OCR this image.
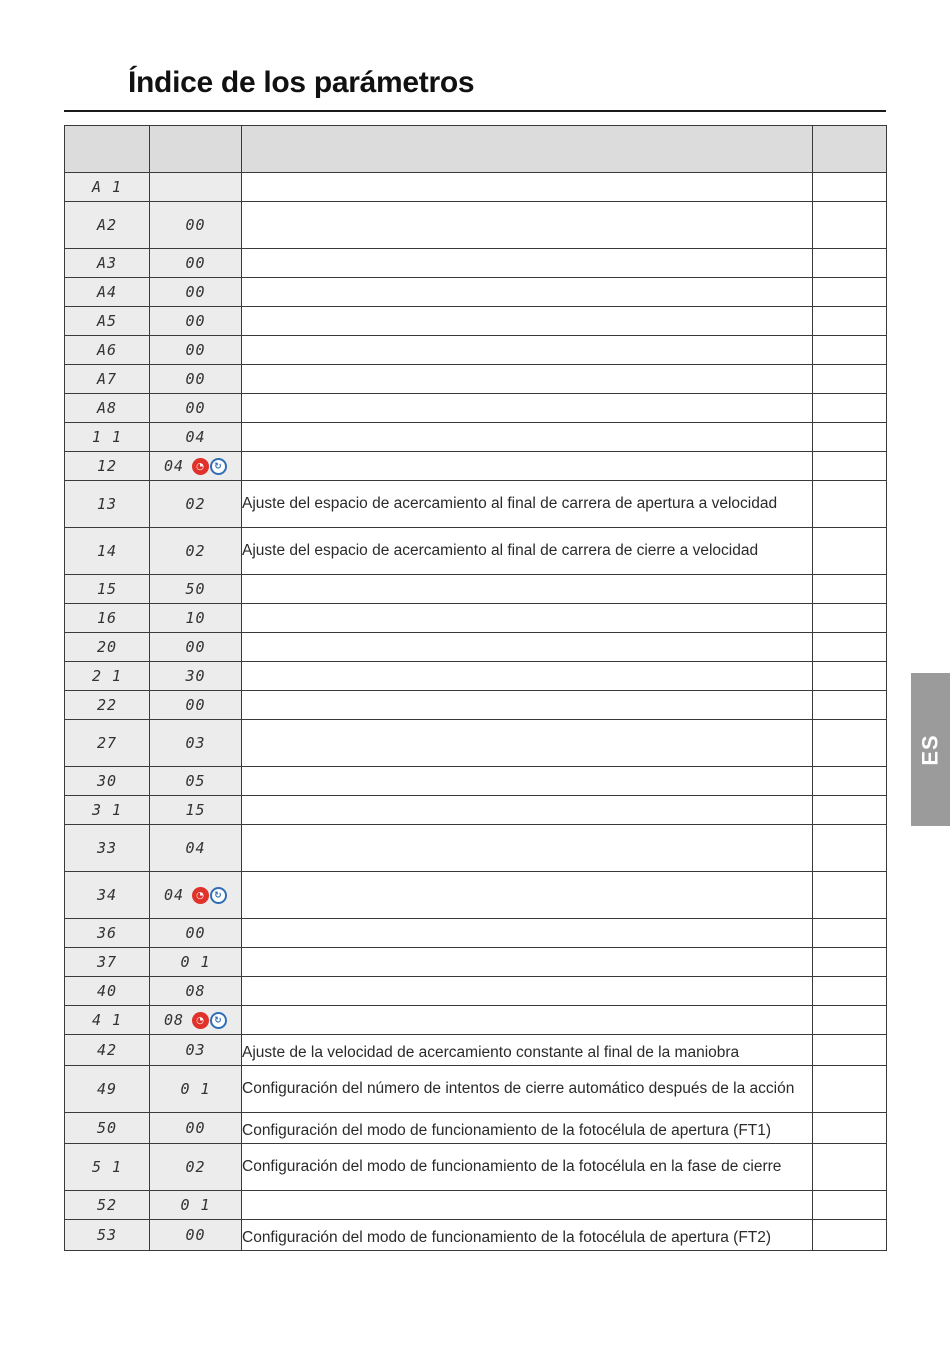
Índice de los parámetros

A 1			
A2	00		
A3	00		
A4	00		
A5	00		
A6	00		
A7	00		
A8	00		
1 1	04		
12	04 ◔ ↻		

13	02	Ajuste del espacio de acercamiento al final de carrera de apertura a velocidad	
14	02	Ajuste del espacio de acercamiento al final de carrera de cierre a velocidad	
15	50		
16	10		
20	00		
2 1	30		
22	00		
27	03		
30	05		
3 1	15		
33	04		
34	04 ◔ ↻		

36	00		
37	0 1		
40	08		
4 1	08 ◔ ↻		

42	03	Ajuste de la velocidad de acercamiento constante al final de la maniobra	
49	0 1	Configuración del número de intentos de cierre automático después de la acción	
50	00	Configuración del modo de funcionamiento de la fotocélula de apertura (FT1)	
5 1	02	Configuración del modo de funcionamiento de la fotocélula en la fase de cierre	
52	0 1		
53	00	Configuración del modo de funcionamiento de la fotocélula de apertura (FT2)	
ES
